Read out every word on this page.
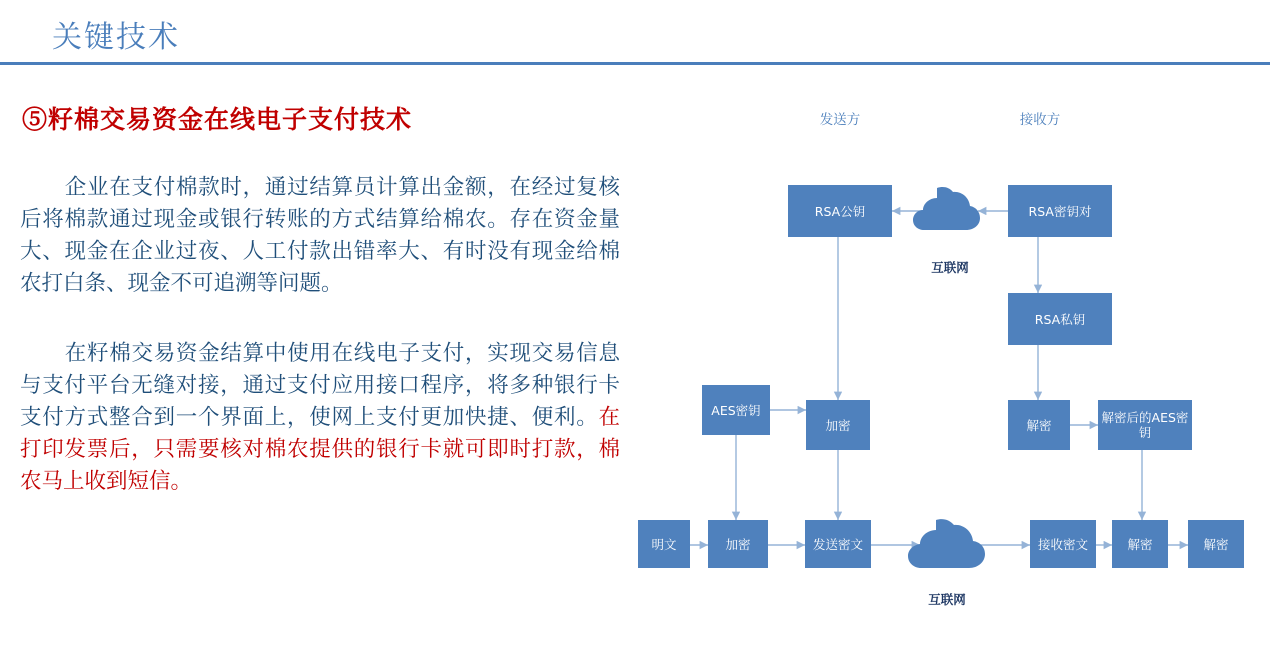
关键技术
⑤籽棉交易资金在线电子支付技术
企业在支付棉款时，通过结算员计算出金额，在经过复核后将棉款通过现金或银行转账的方式结算给棉农。存在资金量大、现金在企业过夜、人工付款出错率大、有时没有现金给棉农打白条、现金不可追溯等问题。
在籽棉交易资金结算中使用在线电子支付，实现交易信息与支付平台无缝对接，通过支付应用接口程序，将多种银行卡支付方式整合到一个界面上，使网上支付更加快捷、便利。在打印发票后，只需要核对棉农提供的银行卡就可即时打款，棉农马上收到短信。
发送方	接收方
RSA公钥	RSA密钥对
互联网
RSA私钥
AES密钥
加密	解密	解密后的AES密钥
明文	加密	发送密文	接收密文	解密	解密
互联网
